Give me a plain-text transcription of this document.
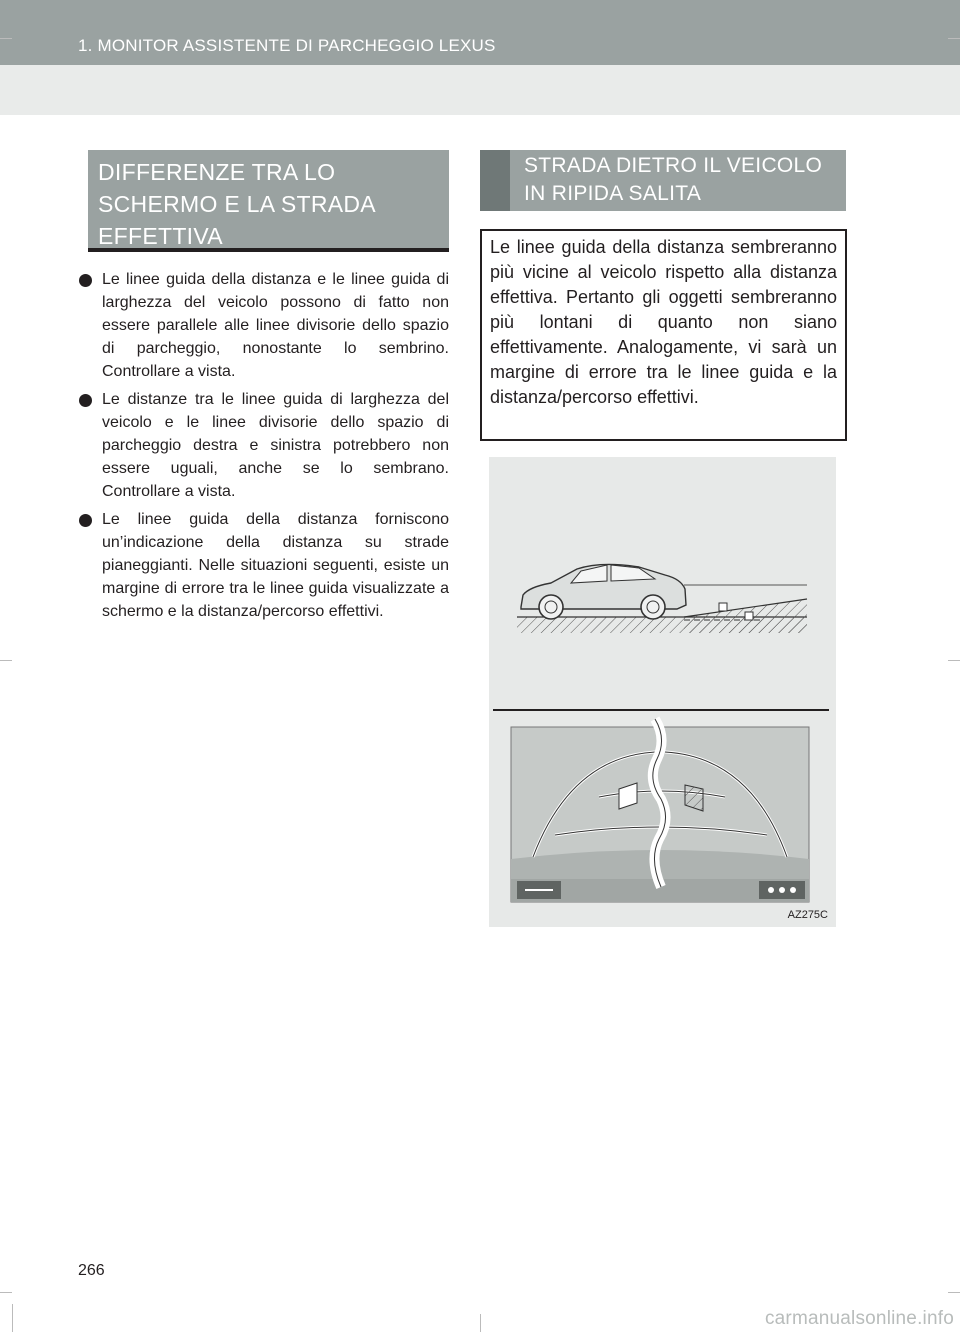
1. MONITOR ASSISTENTE DI PARCHEGGIO LEXUS
DIFFERENZE TRA LO SCHERMO E LA STRADA EFFETTIVA
Le linee guida della distanza e le linee guida di larghezza del veicolo possono di fatto non essere parallele alle linee divisorie dello spazio di parcheggio, nonostante lo sembrino. Controllare a vista.
Le distanze tra le linee guida di larghezza del veicolo e le linee divisorie dello spazio di parcheggio destra e sinistra potrebbero non essere uguali, anche se lo sembrano. Controllare a vista.
Le linee guida della distanza forniscono un’indicazione della distanza su strade pianeggianti. Nelle situazioni seguenti, esiste un margine di errore tra le linee guida visualizzate a schermo e la distanza/percorso effettivi.
STRADA DIETRO IL VEICOLO IN RIPIDA SALITA

Le linee guida della distanza sembreranno più vicine al veicolo rispetto alla distanza effettiva. Pertanto gli oggetti sembreranno più lontani di quanto non siano effettivamente. Analogamente, vi sarà un margine di errore tra le linee guida e la distanza/percorso effettivi.

AZ275C
266
carmanualsonline.info
